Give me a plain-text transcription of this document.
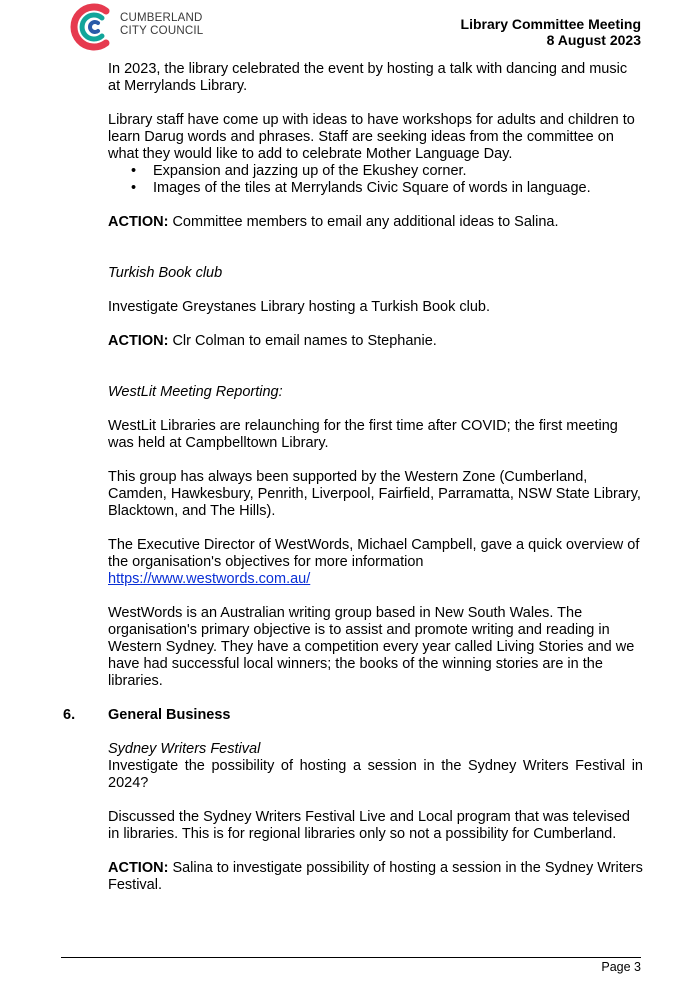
CUMBERLAND
CITY COUNCIL	Library Committee Meeting
8 August 2023

In 2023, the library celebrated the event by hosting a talk with dancing and music at Merrylands Library.

Library staff have come up with ideas to have workshops for adults and children to learn Darug words and phrases. Staff are seeking ideas from the committee on what they would like to add to celebrate Mother Language Day.

• Expansion and jazzing up of the Ekushey corner.
• Images of the tiles at Merrylands Civic Square of words in language.

ACTION: Committee members to email any additional ideas to Salina.

Turkish Book club

Investigate Greystanes Library hosting a Turkish Book club.

ACTION: Clr Colman to email names to Stephanie.

WestLit Meeting Reporting:

WestLit Libraries are relaunching for the first time after COVID; the first meeting was held at Campbelltown Library.

This group has always been supported by the Western Zone (Cumberland, Camden, Hawkesbury, Penrith, Liverpool, Fairfield, Parramatta, NSW State Library, Blacktown, and The Hills).

The Executive Director of WestWords, Michael Campbell, gave a quick overview of the organisation's objectives for more information

https://www.westwords.com.au/

WestWords is an Australian writing group based in New South Wales. The organisation's primary objective is to assist and promote writing and reading in Western Sydney. They have a competition every year called Living Stories and we have had successful local winners; the books of the winning stories are in the libraries.

6. General Business

Sydney Writers Festival

Investigate the possibility of hosting a session in the Sydney Writers Festival in 2024?

Discussed the Sydney Writers Festival Live and Local program that was televised in libraries. This is for regional libraries only so not a possibility for Cumberland.

ACTION: Salina to investigate possibility of hosting a session in the Sydney Writers Festival.

Page 3
